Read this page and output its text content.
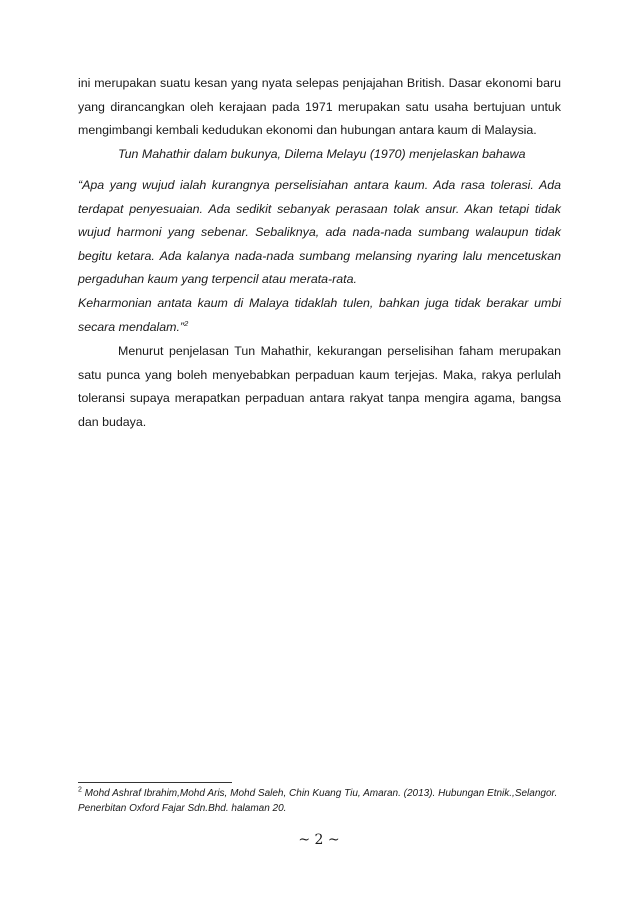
ini merupakan suatu kesan yang nyata selepas penjajahan British. Dasar ekonomi baru yang dirancangkan oleh kerajaan pada 1971 merupakan satu usaha bertujuan untuk mengimbangi kembali kedudukan ekonomi dan hubungan antara kaum di Malaysia.

Tun Mahathir dalam bukunya, Dilema Melayu (1970) menjelaskan bahawa

“Apa yang wujud ialah kurangnya perselisiahan antara kaum. Ada rasa tolerasi. Ada terdapat penyesuaian. Ada sedikit sebanyak perasaan tolak ansur. Akan tetapi tidak wujud harmoni yang sebenar. Sebaliknya, ada nada-nada sumbang walaupun tidak begitu ketara. Ada kalanya nada-nada sumbang melansing nyaring lalu mencetuskan pergaduhan kaum yang terpencil atau merata-rata.

Keharmonian antata kaum di Malaya tidaklah tulen, bahkan juga tidak berakar umbi secara mendalam.”$^2$

Menurut penjelasan Tun Mahathir, kekurangan perselisihan faham merupakan satu punca yang boleh menyebabkan perpaduan kaum terjejas. Maka, rakya perlulah toleransi supaya merapatkan perpaduan antara rakyat tanpa mengira agama, bangsa dan budaya.

$^2$ Mohd Ashraf Ibrahim,Mohd Aris, Mohd Saleh, Chin Kuang Tiu, Amaran. (2013). Hubungan Etnik.,Selangor. Penerbitan Oxford Fajar Sdn.Bhd. halaman 20.

~ 2 ~
